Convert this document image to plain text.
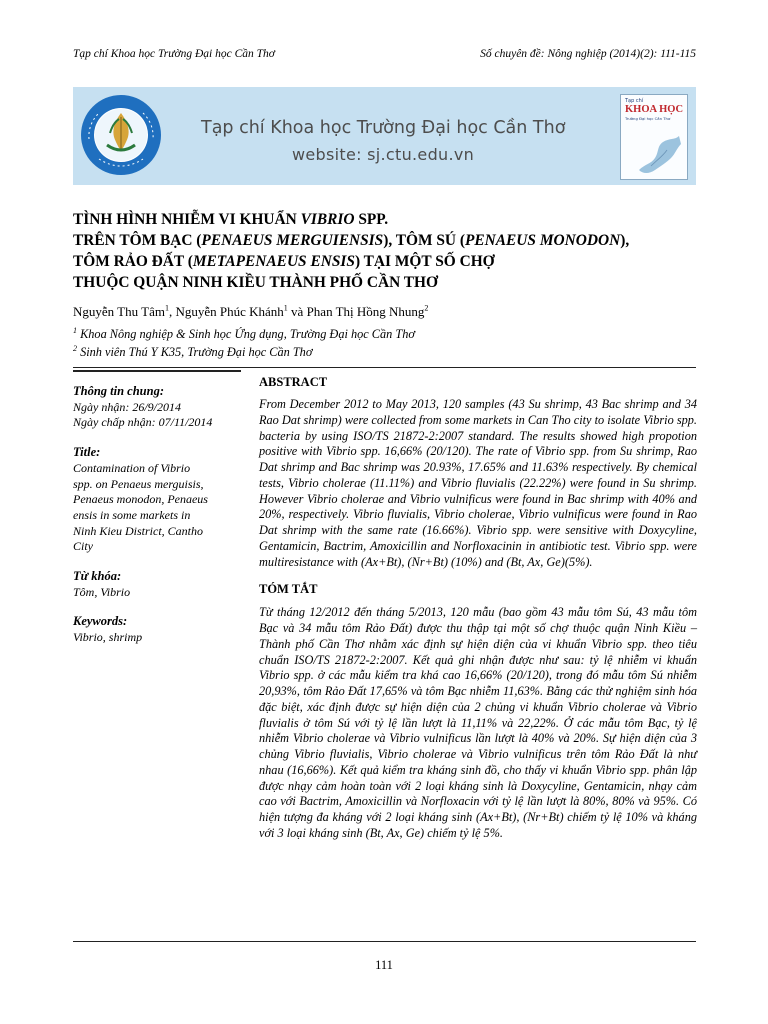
Tạp chí Khoa học Trường Đại học Cần Thơ	Số chuyên đề: Nông nghiệp (2014)(2): 111-115
Tạp chí Khoa học Trường Đại học Cần Thơ
website: sj.ctu.edu.vn
Tạp chí
KHOA HỌC
Trường Đại học Cần Thơ
TÌNH HÌNH NHIỄM VI KHUẨN VIBRIO SPP.
TRÊN TÔM BẠC (PENAEUS MERGUIENSIS), TÔM SÚ (PENAEUS MONODON),
TÔM RẢO ĐẤT (METAPENAEUS ENSIS) TẠI MỘT SỐ CHỢ
THUỘC QUẬN NINH KIỀU THÀNH PHỐ CẦN THƠ
Nguyễn Thu Tâm$^1$, Nguyễn Phúc Khánh$^1$ và Phan Thị Hồng Nhung$^2$
$^1$ Khoa Nông nghiệp & Sinh học Ứng dụng, Trường Đại học Cần Thơ
$^2$ Sinh viên Thú Y K35, Trường Đại học Cần Thơ
Thông tin chung:
Ngày nhận: 26/9/2014
Ngày chấp nhận: 07/11/2014
Title:
Contamination of Vibrio
spp. on Penaeus merguisis,
Penaeus monodon, Penaeus
ensis in some markets in
Ninh Kieu District, Cantho
City
Từ khóa:
Tôm, Vibrio
Keywords:
Vibrio, shrimp
ABSTRACT

From December 2012 to May 2013, 120 samples (43 Su shrimp, 43 Bac shrimp and 34 Rao Dat shrimp) were collected from some markets in Can Tho city to isolate Vibrio spp. bacteria by using ISO/TS 21872-2:2007 standard. The results showed high propotion positive with Vibrio spp. 16,66% (20/120). The rate of Vibrio spp. from Su shrimp, Rao Dat shrimp and Bac shrimp was 20.93%, 17.65% and 11.63% respectively. By chemical tests, Vibrio cholerae (11.11%) and Vibrio fluvialis (22.22%) were found in Su shrimp. However Vibrio cholerae and Vibrio vulnificus were found in Bac shrimp with 40% and 20%, respectively. Vibrio fluvialis, Vibrio cholerae, Vibrio vulnificus were found in Rao Dat shrimp with the same rate (16.66%). Vibrio spp. were sensitive with Doxycyline, Gentamicin, Bactrim, Amoxicillin and Norfloxacinin in antibiotic test. Vibrio spp. were multiresistance with (Ax+Bt), (Nr+Bt) (10%) and (Bt, Ax, Ge)(5%).

TÓM TẮT

Từ tháng 12/2012 đến tháng 5/2013, 120 mẫu (bao gồm 43 mẫu tôm Sú, 43 mẫu tôm Bạc và 34 mẫu tôm Rảo Đất) được thu thập tại một số chợ thuộc quận Ninh Kiều – Thành phố Cần Thơ nhằm xác định sự hiện diện của vi khuẩn Vibrio spp. theo tiêu chuẩn ISO/TS 21872-2:2007. Kết quả ghi nhận được như sau: tỷ lệ nhiễm vi khuẩn Vibrio spp. ở các mẫu kiểm tra khá cao 16,66% (20/120), trong đó mẫu tôm Sú nhiễm 20,93%, tôm Rảo Đất 17,65% và tôm Bạc nhiễm 11,63%. Bằng các thử nghiệm sinh hóa đặc biệt, xác định được sự hiện diện của 2 chủng vi khuẩn Vibrio cholerae và Vibrio fluvialis ở tôm Sú với tỷ lệ lần lượt là 11,11% và 22,22%. Ở các mẫu tôm Bạc, tỷ lệ nhiễm Vibrio cholerae và Vibrio vulnificus lần lượt là 40% và 20%. Sự hiện diện của 3 chủng Vibrio fluvialis, Vibrio cholerae và Vibrio vulnificus trên tôm Rảo Đất là như nhau (16,66%). Kết quả kiểm tra kháng sinh đồ, cho thấy vi khuẩn Vibrio spp. phân lập được nhạy cảm hoàn toàn với 2 loại kháng sinh là Doxycyline, Gentamicin, nhạy cảm cao với Bactrim, Amoxicillin và Norfloxacin với tỷ lệ lần lượt là 80%, 80% và 95%. Có hiện tượng đa kháng với 2 loại kháng sinh (Ax+Bt), (Nr+Bt) chiếm tỷ lệ 10% và kháng với 3 loại kháng sinh (Bt, Ax, Ge) chiếm tỷ lệ 5%.

111
